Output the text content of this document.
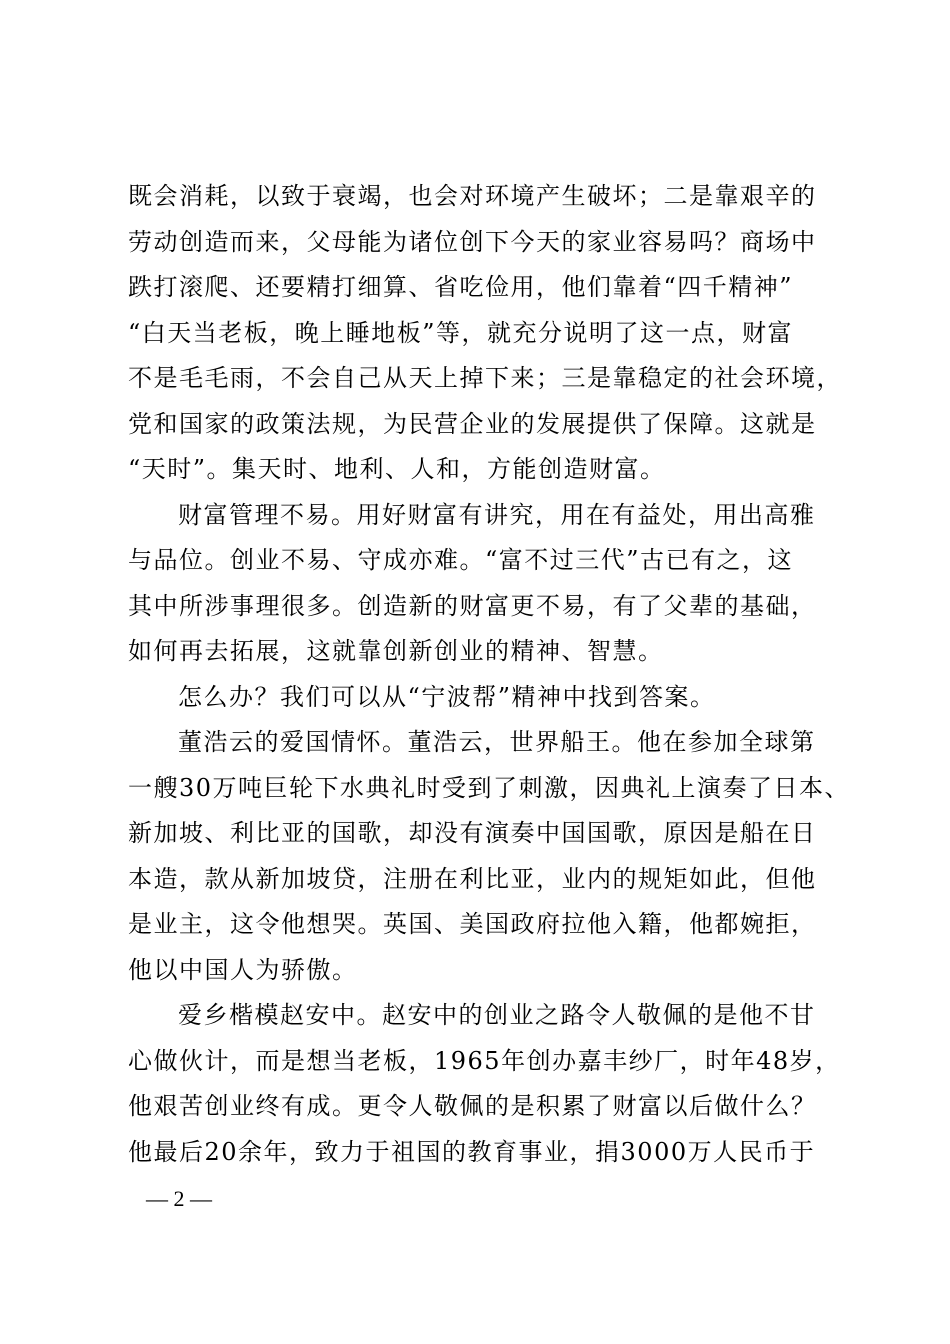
既会消耗，以致于衰竭，也会对环境产生破坏；二是靠艰辛的
劳动创造而来，父母能为诸位创下今天的家业容易吗？商场中
跌打滚爬、还要精打细算、省吃俭用，他们靠着“四千精神”
“白天当老板，晚上睡地板”等，就充分说明了这一点，财富
不是毛毛雨，不会自己从天上掉下来；三是靠稳定的社会环境，
党和国家的政策法规，为民营企业的发展提供了保障。这就是
“天时”。集天时、地利、人和，方能创造财富。
财富管理不易。用好财富有讲究，用在有益处，用出高雅
与品位。创业不易、守成亦难。“富不过三代”古已有之，这
其中所涉事理很多。创造新的财富更不易，有了父辈的基础，
如何再去拓展，这就靠创新创业的精神、智慧。
怎么办？我们可以从“宁波帮”精神中找到答案。
董浩云的爱国情怀。董浩云，世界船王。他在参加全球第
一艘30万吨巨轮下水典礼时受到了刺激，因典礼上演奏了日本、
新加坡、利比亚的国歌，却没有演奏中国国歌，原因是船在日
本造，款从新加坡贷，注册在利比亚，业内的规矩如此，但他
是业主，这令他想哭。英国、美国政府拉他入籍，他都婉拒，
他以中国人为骄傲。
爱乡楷模赵安中。赵安中的创业之路令人敬佩的是他不甘
心做伙计，而是想当老板，1965年创办嘉丰纱厂，时年48岁，
他艰苦创业终有成。更令人敬佩的是积累了财富以后做什么？
他最后20余年，致力于祖国的教育事业，捐3000万人民币于
— 2 —
